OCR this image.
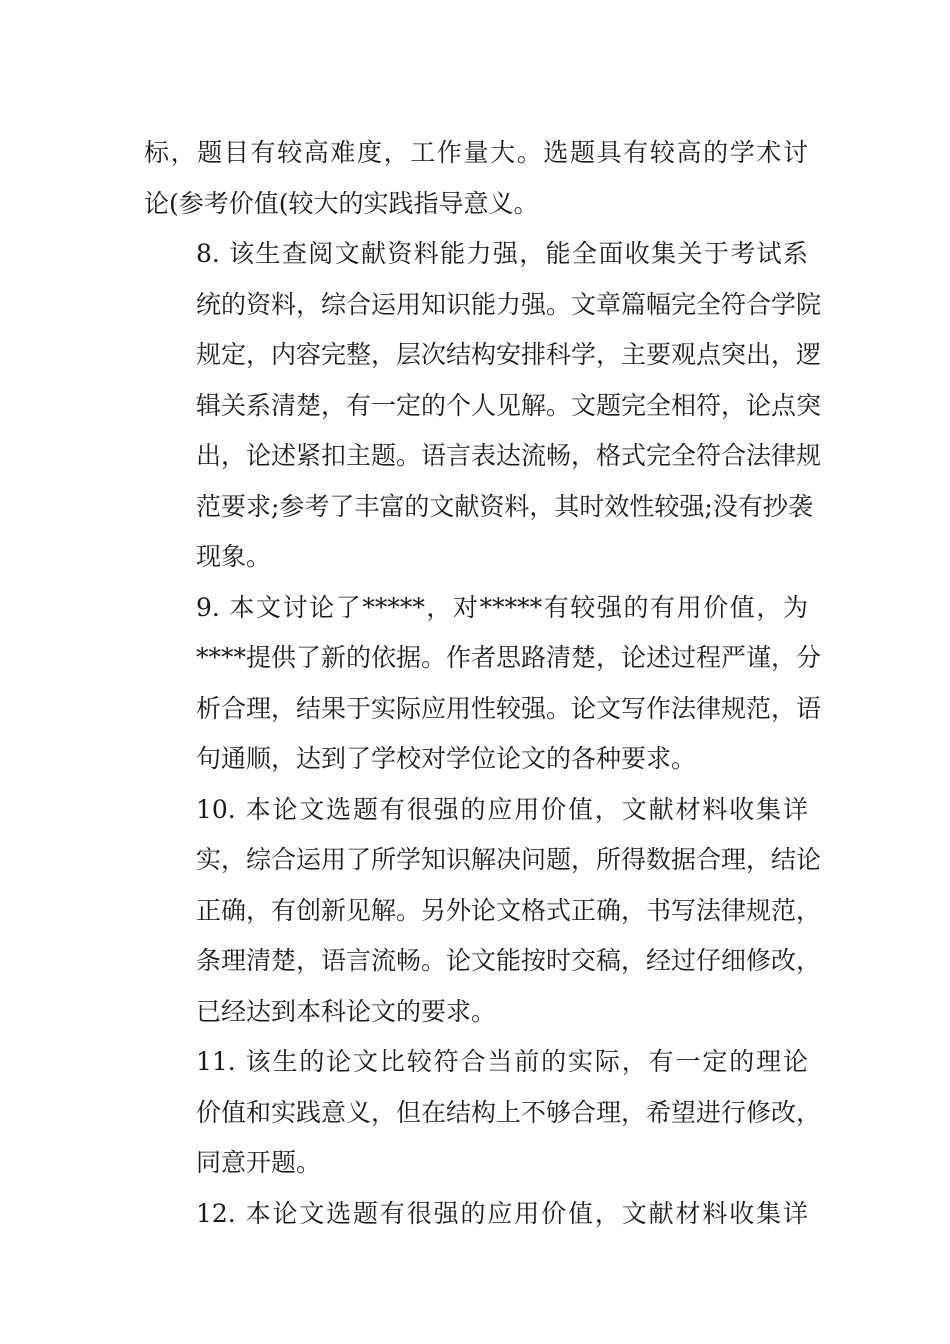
标，题目有较高难度，工作量大。选题具有较高的学术讨
论(参考价值(较大的实践指导意义。

8. 该生查阅文献资料能力强，能全面收集关于考试系
统的资料，综合运用知识能力强。文章篇幅完全符合学院
规定，内容完整，层次结构安排科学，主要观点突出，逻
辑关系清楚，有一定的个人见解。文题完全相符，论点突
出，论述紧扣主题。语言表达流畅，格式完全符合法律规
范要求;参考了丰富的文献资料，其时效性较强;没有抄袭
现象。

9. 本文讨论了*****，对*****有较强的有用价值，为
****提供了新的依据。作者思路清楚，论述过程严谨，分
析合理，结果于实际应用性较强。论文写作法律规范，语
句通顺，达到了学校对学位论文的各种要求。

10. 本论文选题有很强的应用价值，文献材料收集详
实，综合运用了所学知识解决问题，所得数据合理，结论
正确，有创新见解。另外论文格式正确，书写法律规范，
条理清楚，语言流畅。论文能按时交稿，经过仔细修改，
已经达到本科论文的要求。

11. 该生的论文比较符合当前的实际，有一定的理论
价值和实践意义，但在结构上不够合理，希望进行修改，
同意开题。

12. 本论文选题有很强的应用价值，文献材料收集详
